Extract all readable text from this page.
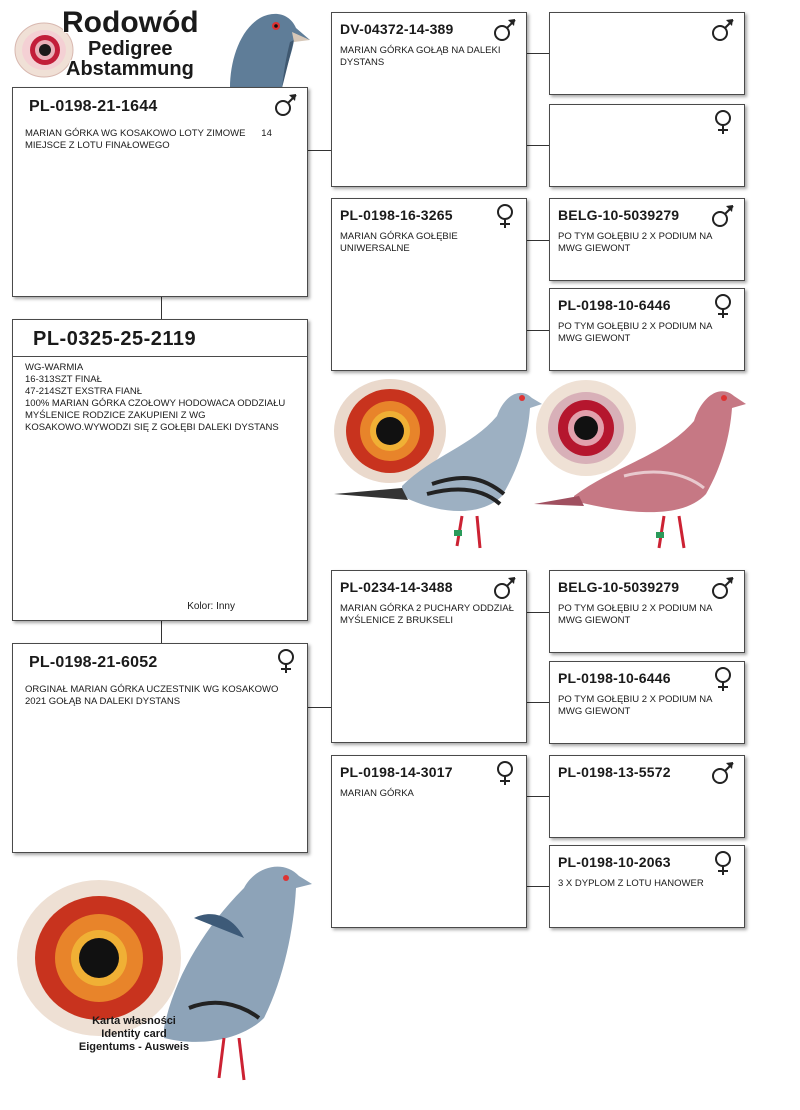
Rodowód
Pedigree
Abstammung
PL-0198-21-1644
MARIAN GÓRKA WG KOSAKOWO LOTY ZIMOWE      14 MIEJSCE Z LOTU FINAŁOWEGO
PL-0325-25-2119
WG-WARMIA
16-313SZT FINAŁ
47-214SZT EXSTRA FIANŁ
100% MARIAN GÓRKA CZOŁOWY HODOWACA ODDZIAŁU MYŚLENICE RODZICE ZAKUPIENI Z WG KOSAKOWO.WYWODZI SIĘ Z GOŁĘBI DALEKI DYSTANS
Kolor: Inny
PL-0198-21-6052
ORGINAŁ MARIAN GÓRKA UCZESTNIK WG KOSAKOWO 2021 GOŁĄB NA DALEKI DYSTANS
DV-04372-14-389
MARIAN GÓRKA GOŁĄB NA DALEKI DYSTANS
PL-0198-16-3265
MARIAN GÓRKA GOŁĘBIE UNIWERSALNE
PL-0234-14-3488
MARIAN GÓRKA 2 PUCHARY ODDZIAŁ MYŚLENICE Z BRUKSELI
PL-0198-14-3017
MARIAN GÓRKA
BELG-10-5039279
PO TYM GOŁĘBIU 2 X PODIUM NA MWG GIEWONT
PL-0198-10-6446
PO TYM GOŁĘBIU 2 X PODIUM NA MWG GIEWONT
BELG-10-5039279
PO TYM GOŁĘBIU 2 X PODIUM NA MWG GIEWONT
PL-0198-10-6446
PO TYM GOŁĘBIU 2 X PODIUM NA MWG GIEWONT
PL-0198-13-5572
PL-0198-10-2063
3 X DYPLOM Z LOTU HANOWER
Karta własności
Identity card
Eigentums - Ausweis
